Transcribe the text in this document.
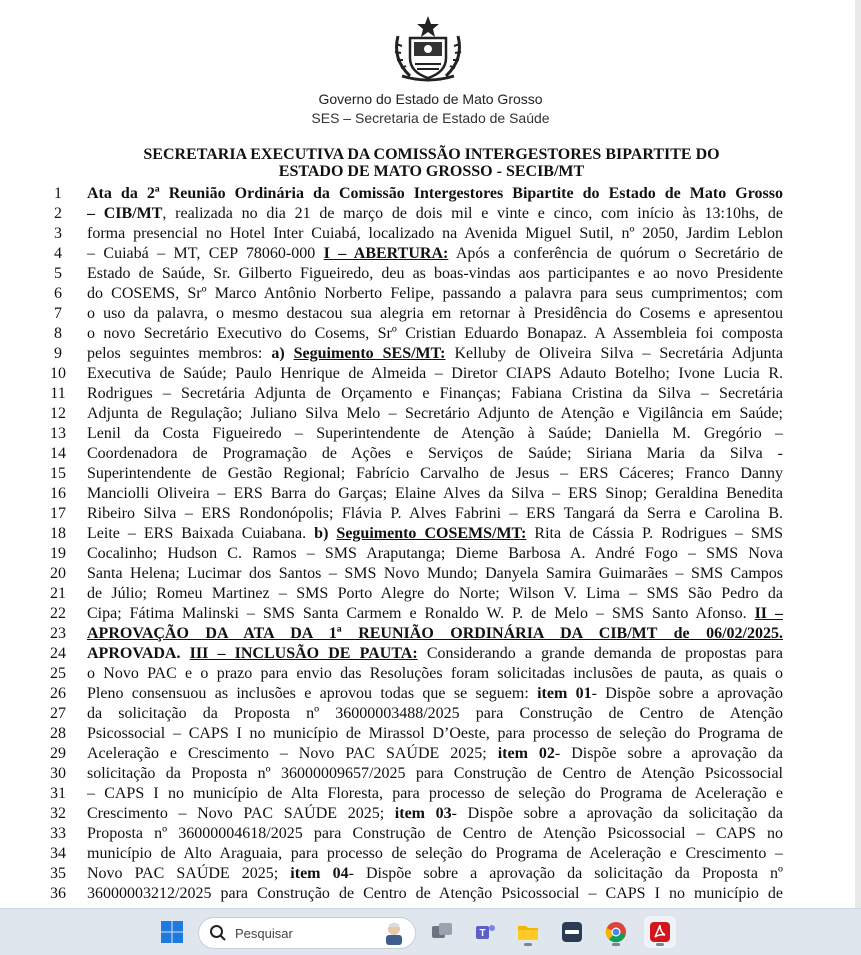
Governo do Estado de Mato Grosso
SES – Secretaria de Estado de Saúde
SECRETARIA EXECUTIVA DA COMISSÃO INTERGESTORES BIPARTITE DO
ESTADO DE MATO GROSSO - SECIB/MT
1	Ata da 2ª Reunião Ordinária da Comissão Intergestores Bipartite do Estado de Mato Grosso
2	– CIB/MT, realizada no dia 21 de março de dois mil e vinte e cinco, com início às 13:10hs, de
3	forma presencial no Hotel Inter Cuiabá, localizado na Avenida Miguel Sutil, nº 2050, Jardim Leblon
4	– Cuiabá – MT, CEP 78060-000 I – ABERTURA: Após a conferência de quórum o Secretário de
5	Estado de Saúde, Sr. Gilberto Figueiredo, deu as boas-vindas aos participantes e ao novo Presidente
6	do COSEMS, Srº Marco Antônio Norberto Felipe, passando a palavra para seus cumprimentos; com
7	o uso da palavra, o mesmo destacou sua alegria em retornar à Presidência do Cosems e apresentou
8	o novo Secretário Executivo do Cosems, Srº Cristian Eduardo Bonapaz. A Assembleia foi composta
9	pelos seguintes membros: a) Seguimento SES/MT: Kelluby de Oliveira Silva – Secretária Adjunta
10	Executiva de Saúde; Paulo Henrique de Almeida – Diretor CIAPS Adauto Botelho; Ivone Lucia R.
11	Rodrigues – Secretária Adjunta de Orçamento e Finanças; Fabiana Cristina da Silva – Secretária
12	Adjunta de Regulação; Juliano Silva Melo – Secretário Adjunto de Atenção e Vigilância em Saúde;
13	Lenil da Costa Figueiredo – Superintendente de Atenção à Saúde; Daniella M. Gregório –
14	Coordenadora de Programação de Ações e Serviços de Saúde; Siriana Maria da Silva -
15	Superintendente de Gestão Regional; Fabrício Carvalho de Jesus – ERS Cáceres; Franco Danny
16	Manciolli Oliveira – ERS Barra do Garças; Elaine Alves da Silva – ERS Sinop; Geraldina Benedita
17	Ribeiro Silva – ERS Rondonópolis; Flávia P. Alves Fabrini – ERS Tangará da Serra e Carolina B.
18	Leite – ERS Baixada Cuiabana. b) Seguimento COSEMS/MT: Rita de Cássia P. Rodrigues – SMS
19	Cocalinho; Hudson C. Ramos – SMS Araputanga; Dieme Barbosa A. André Fogo – SMS Nova
20	Santa Helena; Lucimar dos Santos – SMS Novo Mundo; Danyela Samira Guimarães – SMS Campos
21	de Júlio; Romeu Martinez – SMS Porto Alegre do Norte; Wilson V. Lima – SMS São Pedro da
22	Cipa; Fátima Malinski – SMS Santa Carmem e Ronaldo W. P. de Melo – SMS Santo Afonso. II –
23	APROVAÇÃO DA ATA DA 1ª REUNIÃO ORDINÁRIA DA CIB/MT de 06/02/2025.
24	APROVADA. III – INCLUSÃO DE PAUTA: Considerando a grande demanda de propostas para
25	o Novo PAC e o prazo para envio das Resoluções foram solicitadas inclusões de pauta, as quais o
26	Pleno consensuou as inclusões e aprovou todas que se seguem: item 01- Dispõe sobre a aprovação
27	da solicitação da Proposta nº 36000003488/2025 para Construção de Centro de Atenção
28	Psicossocial – CAPS I no município de Mirassol D’Oeste, para processo de seleção do Programa de
29	Aceleração e Crescimento – Novo PAC SAÚDE 2025; item 02- Dispõe sobre a aprovação da
30	solicitação da Proposta nº 36000009657/2025 para Construção de Centro de Atenção Psicossocial
31	– CAPS I no município de Alta Floresta, para processo de seleção do Programa de Aceleração e
32	Crescimento – Novo PAC SAÚDE 2025; item 03- Dispõe sobre a aprovação da solicitação da
33	Proposta nº 36000004618/2025 para Construção de Centro de Atenção Psicossocial – CAPS no
34	município de Alto Araguaia, para processo de seleção do Programa de Aceleração e Crescimento –
35	Novo PAC SAÚDE 2025; item 04- Dispõe sobre a aprovação da solicitação da Proposta nº
36	36000003212/2025 para Construção de Centro de Atenção Psicossocial – CAPS I no município de
Pesquisar	T
